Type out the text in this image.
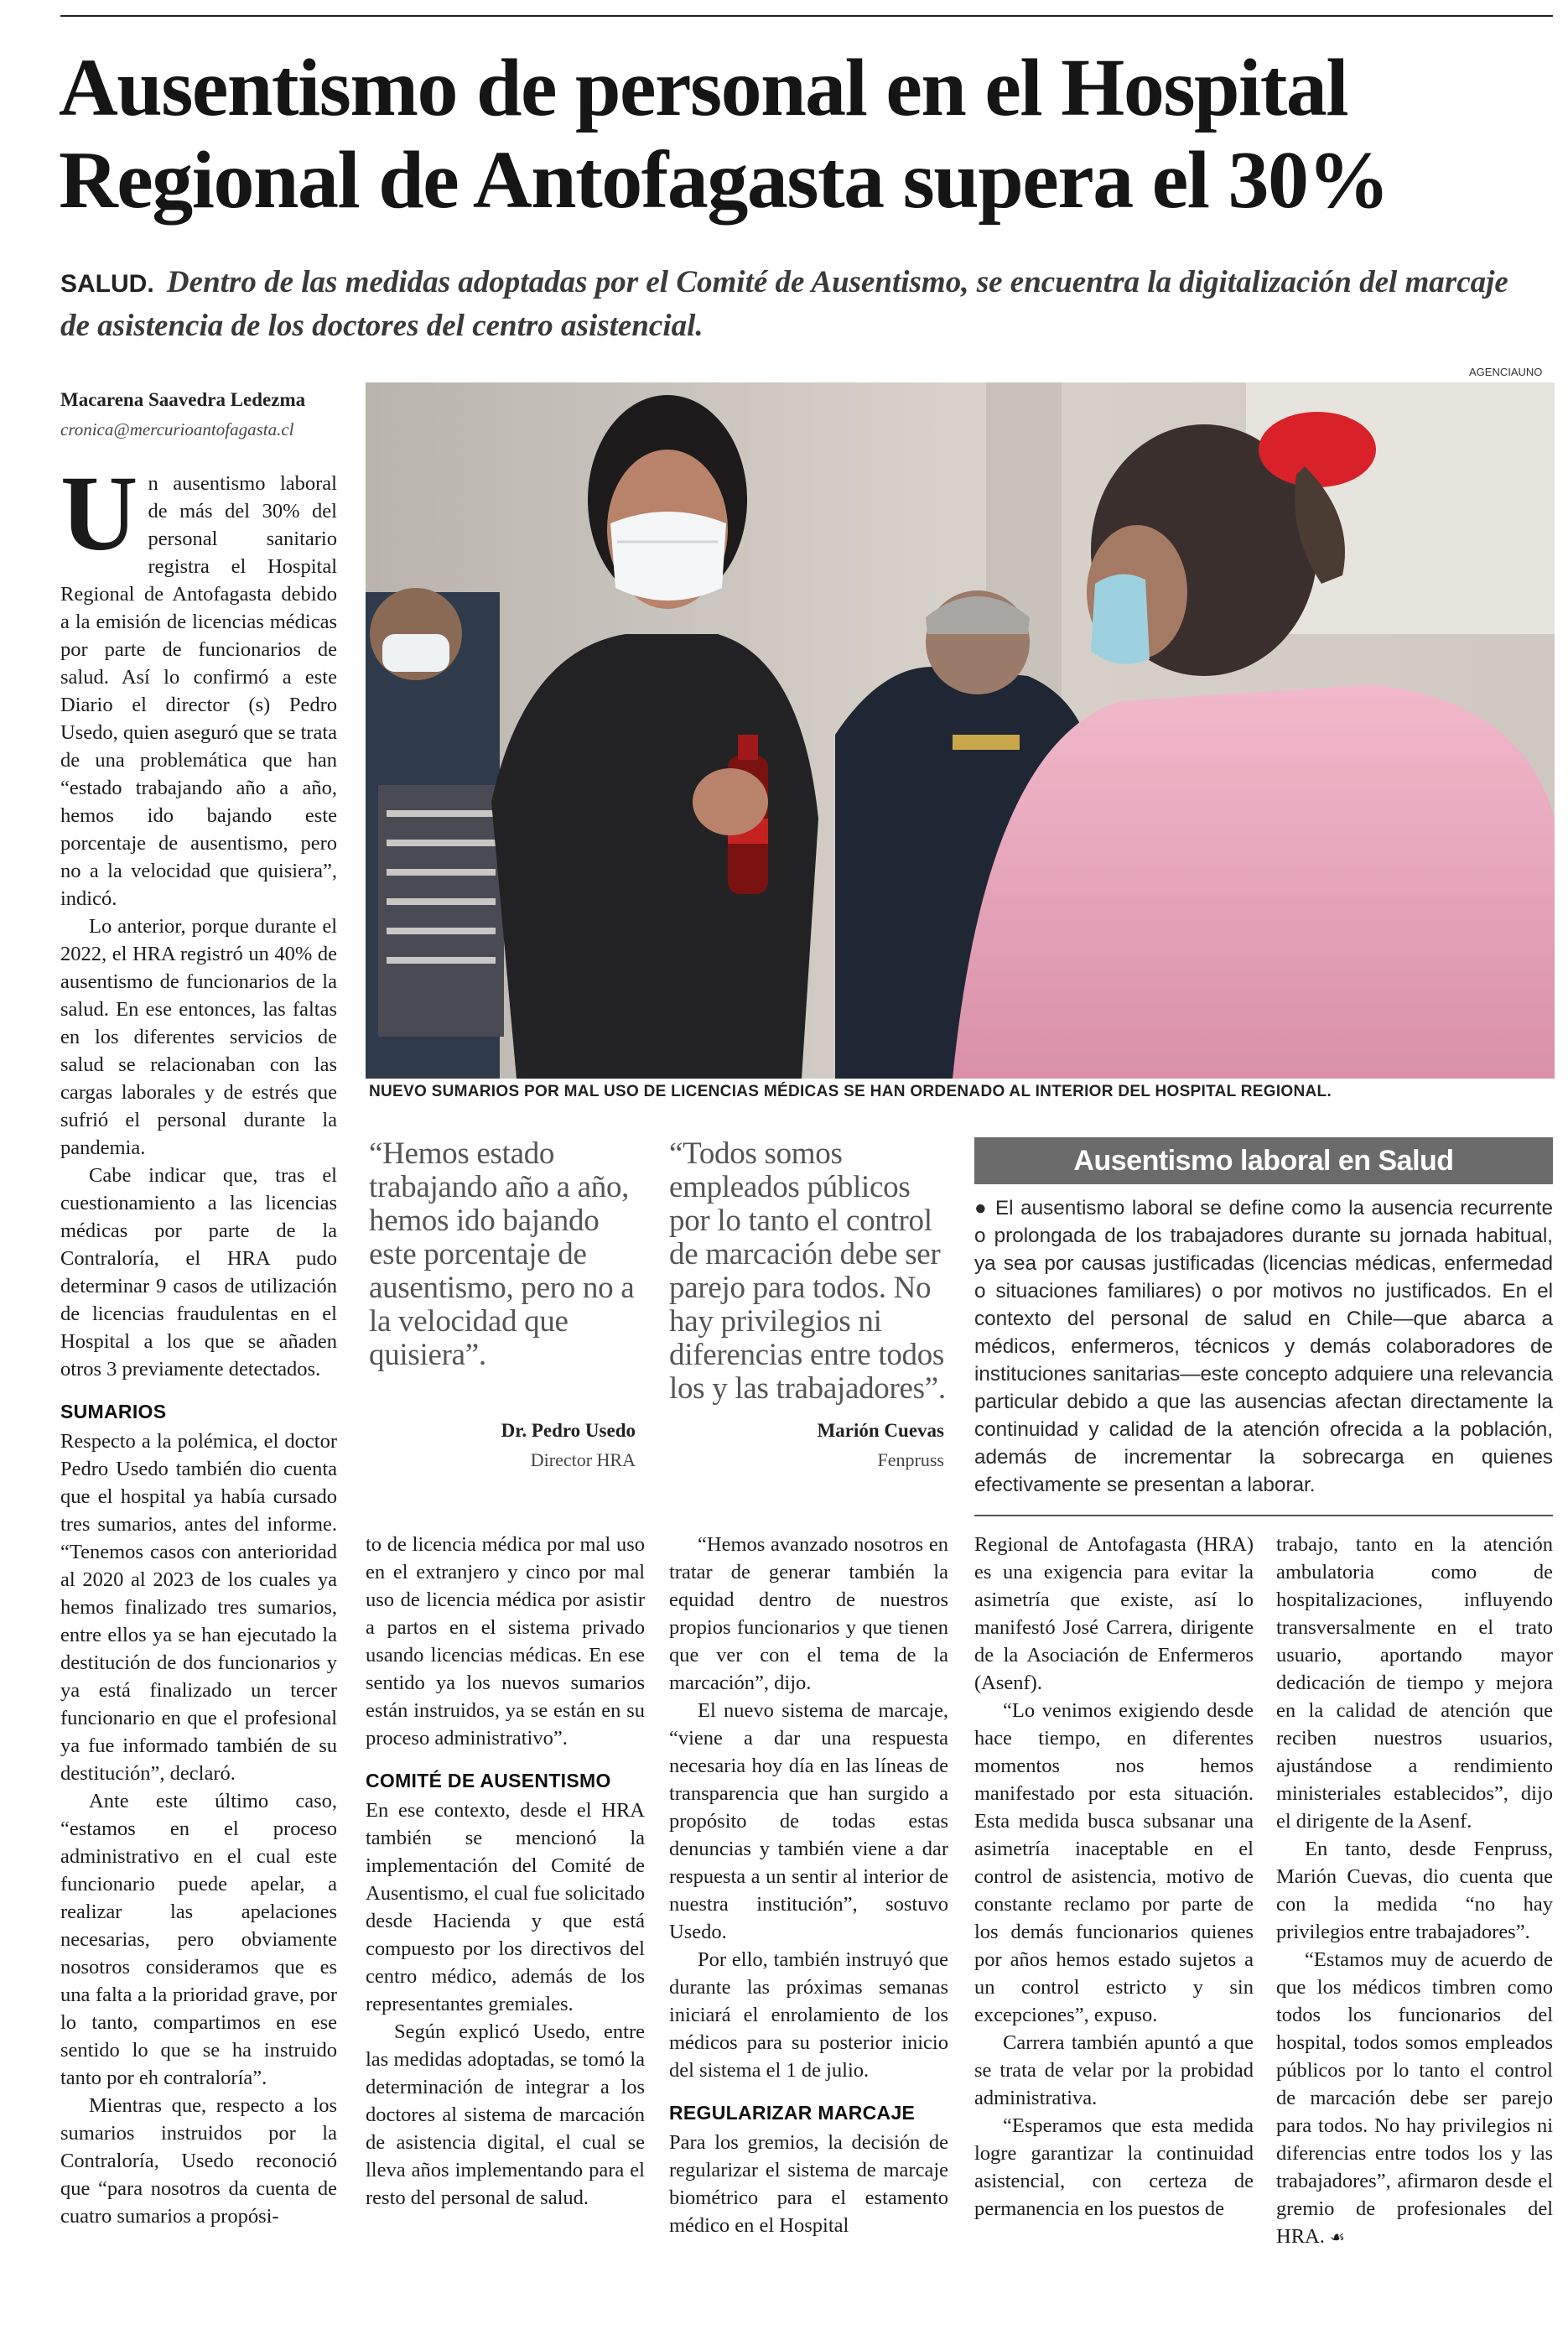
Ausentismo de personal en el Hospital Regional de Antofagasta supera el 30%
SALUD. Dentro de las medidas adoptadas por el Comité de Ausentismo, se encuentra la digitalización del marcaje de asistencia de los doctores del centro asistencial.
AGENCIAUNO
NUEVO SUMARIOS POR MAL USO DE LICENCIAS MÉDICAS SE HAN ORDENADO AL INTERIOR DEL HOSPITAL REGIONAL.
Macarena Saavedra Ledezma
cronica@mercurioantofagasta.cl
U n ausentismo laboral de más del 30% del personal sanitario registra el Hospital Regional de Antofagasta debido a la emisión de licencias médicas por parte de funcionarios de salud. Así lo confirmó a este Diario el director (s) Pedro Usedo, quien aseguró que se trata de una problemática que han “estado trabajando año a año, hemos ido bajando este porcentaje de ausentismo, pero no a la velocidad que quisiera”, indicó.

Lo anterior, porque durante el 2022, el HRA registró un 40% de ausentismo de funcionarios de la salud. En ese entonces, las faltas en los diferentes servicios de salud se relacionaban con las cargas laborales y de estrés que sufrió el personal durante la pandemia.

Cabe indicar que, tras el cuestionamiento a las licencias médicas por parte de la Contraloría, el HRA pudo determinar 9 casos de utilización de licencias fraudulentas en el Hospital a los que se añaden otros 3 previamente detectados.

SUMARIOS

Respecto a la polémica, el doctor Pedro Usedo también dio cuenta que el hospital ya había cursado tres sumarios, antes del informe. “Tenemos casos con anterioridad al 2020 al 2023 de los cuales ya hemos finalizado tres sumarios, entre ellos ya se han ejecutado la destitución de dos funcionarios y ya está finalizado un tercer funcionario en que el profesional ya fue informado también de su destitución”, declaró.

Ante este último caso, “estamos en el proceso administrativo en el cual este funcionario puede apelar, a realizar las apelaciones necesarias, pero obviamente nosotros consideramos que es una falta a la prioridad grave, por lo tanto, compartimos en ese sentido lo que se ha instruido tanto por eh contraloría”.

Mientras que, respecto a los sumarios instruidos por la Contraloría, Usedo reconoció que “para nosotros da cuenta de cuatro sumarios a propósi-

“Hemos estado trabajando año a año, hemos ido bajando este porcentaje de ausentismo, pero no a la velocidad que quisiera”.
Dr. Pedro Usedo
Director HRA
“Todos somos empleados públicos por lo tanto el control de marcación debe ser parejo para todos. No hay privilegios ni diferencias entre todos los y las trabajadores”.
Marión Cuevas
Fenpruss
Ausentismo laboral en Salud
● El ausentismo laboral se define como la ausencia recurrente o prolongada de los trabajadores durante su jornada habitual, ya sea por causas justificadas (licencias médicas, enfermedad o situaciones familiares) o por motivos no justificados. En el contexto del personal de salud en Chile—que abarca a médicos, enfermeros, técnicos y demás colaboradores de instituciones sanitarias—este concepto adquiere una relevancia particular debido a que las ausencias afectan directamente la continuidad y calidad de la atención ofrecida a la población, además de incrementar la sobrecarga en quienes efectivamente se presentan a laborar.

to de licencia médica por mal uso en el extranjero y cinco por mal uso de licencia médica por asistir a partos en el sistema privado usando licencias médicas. En ese sentido ya los nuevos sumarios están instruidos, ya se están en su proceso administrativo”.

COMITÉ DE AUSENTISMO

En ese contexto, desde el HRA también se mencionó la implementación del Comité de Ausentismo, el cual fue solicitado desde Hacienda y que está compuesto por los directivos del centro médico, además de los representantes gremiales.

Según explicó Usedo, entre las medidas adoptadas, se tomó la determinación de integrar a los doctores al sistema de marcación de asistencia digital, el cual se lleva años implementando para el resto del personal de salud.

“Hemos avanzado nosotros en tratar de generar también la equidad dentro de nuestros propios funcionarios y que tienen que ver con el tema de la marcación”, dijo.

El nuevo sistema de marcaje, “viene a dar una respuesta necesaria hoy día en las líneas de transparencia que han surgido a propósito de todas estas denuncias y también viene a dar respuesta a un sentir al interior de nuestra institución”, sostuvo Usedo.

Por ello, también instruyó que durante las próximas semanas iniciará el enrolamiento de los médicos para su posterior inicio del sistema el 1 de julio.

REGULARIZAR MARCAJE

Para los gremios, la decisión de regularizar el sistema de marcaje biométrico para el estamento médico en el Hospital

Regional de Antofagasta (HRA) es una exigencia para evitar la asimetría que existe, así lo manifestó José Carrera, dirigente de la Asociación de Enfermeros (Asenf).

“Lo venimos exigiendo desde hace tiempo, en diferentes momentos nos hemos manifestado por esta situación. Esta medida busca subsanar una asimetría inaceptable en el control de asistencia, motivo de constante reclamo por parte de los demás funcionarios quienes por años hemos estado sujetos a un control estricto y sin excepciones”, expuso.

Carrera también apuntó a que se trata de velar por la probidad administrativa.

“Esperamos que esta medida logre garantizar la continuidad asistencial, con certeza de permanencia en los puestos de

trabajo, tanto en la atención ambulatoria como de hospitalizaciones, influyendo transversalmente en el trato usuario, aportando mayor dedicación de tiempo y mejora en la calidad de atención que reciben nuestros usuarios, ajustándose a rendimiento ministeriales establecidos”, dijo el dirigente de la Asenf.

En tanto, desde Fenpruss, Marión Cuevas, dio cuenta que con la medida “no hay privilegios entre trabajadores”.

“Estamos muy de acuerdo de que los médicos timbren como todos los funcionarios del hospital, todos somos empleados públicos por lo tanto el control de marcación debe ser parejo para todos. No hay privilegios ni diferencias entre todos los y las trabajadores”, afirmaron desde el gremio de profesionales del HRA. ☙
